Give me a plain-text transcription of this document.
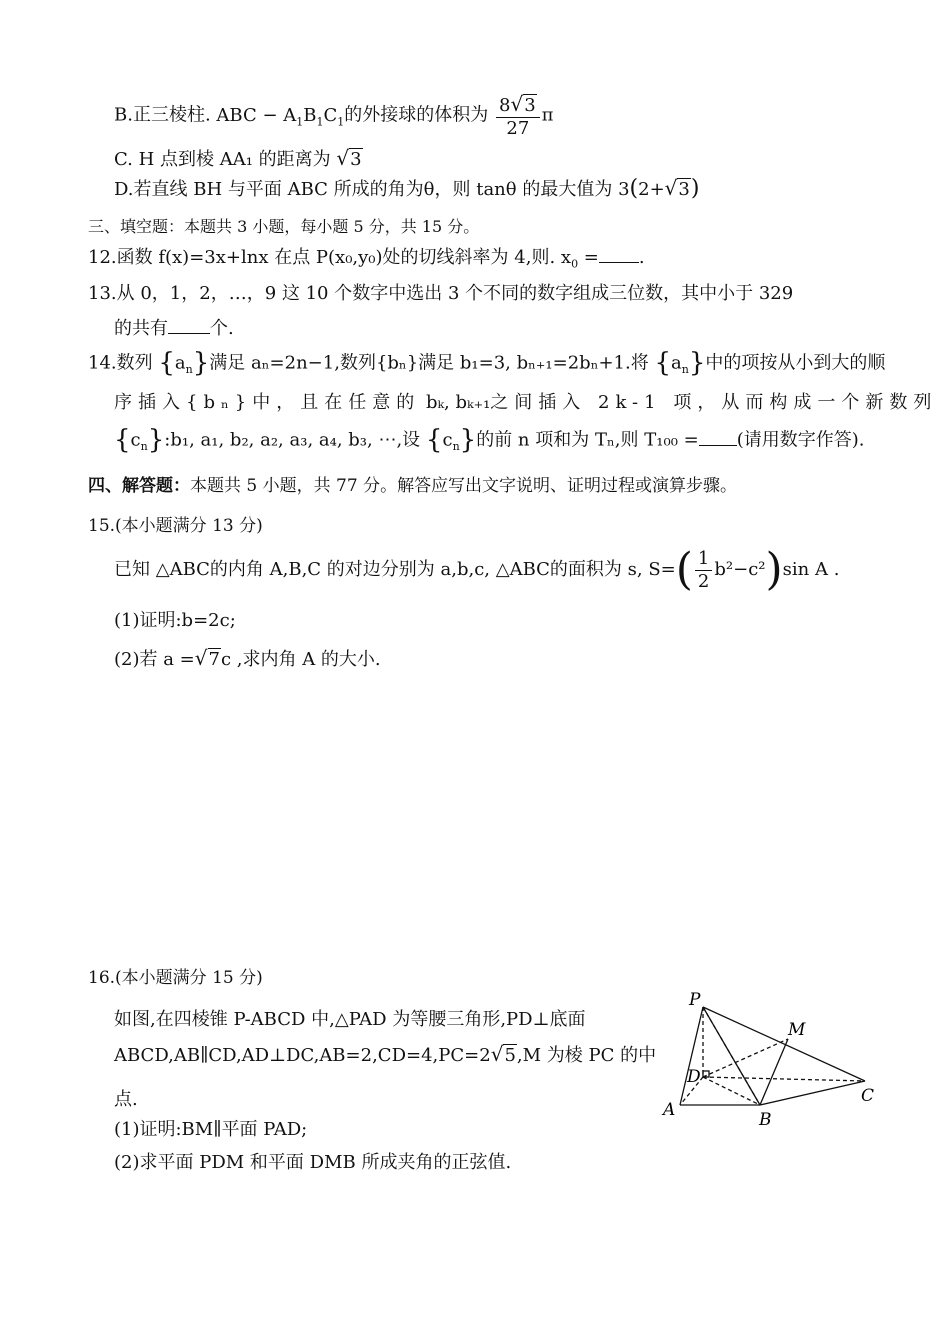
B.正三棱柱. ABC − $A_1B_1C_1$的外接球的体积为 $\frac{8√3}{27}$ π
C. H 点到棱 AA₁ 的距离为 √3
D.若直线 BH 与平面 ABC 所成的角为θ，则 tanθ 的最大值为 3(2+√3)
三、填空题：本题共 3 小题，每小题 5 分，共 15 分。
12.函数 f(x)=3x+lnx 在点 P(x₀,y₀)处的切线斜率为 4,则. $x_0$ = .
13.从 0，1，2，…，9 这 10 个数字中选出 3 个不同的数字组成三位数，其中小于 329
的共有 个.
14.数列 $\{a_n\}$满足 aₙ=2n−1,数列{bₙ}满足 b₁=3, bₙ₊₁=2bₙ+1.将 $\{a_n\}$中的项按从小到大的顺
序插入{bₙ}中，且在任意的 bₖ, bₖ₊₁之间插入 2k-1 项，从而构成一个新数列
$\{c_n\}:b_1$, a₁, b₂, a₂, a₃, a₄, b₃, ⋯,设 $\{c_n\}$的前 n 项和为 Tₙ,则 T₁₀₀ = (请用数字作答).
四、解答题：本题共 5 小题，共 77 分。解答应写出文字说明、证明过程或演算步骤。
15.(本小题满分 13 分)
已知 △ABC的内角 A,B,C 的对边分别为 a,b,c, △ABC的面积为 s, $S=( \frac{1}{2} b^2-c^2)\sin$ A .
(1)证明:b=2c;
(2)若 a =√7c ,求内角 A 的大小.
16.(本小题满分 15 分)
如图,在四棱锥 P-ABCD 中,△PAD 为等腰三角形,PD⊥底面
ABCD,AB∥CD,AD⊥DC,AB=2,CD=4,PC=2√5,M 为棱 PC 的中
点.
(1)证明:BM∥平面 PAD;
(2)求平面 PDM 和平面 DMB 所成夹角的正弦值.
P
M
D
A	B
C
